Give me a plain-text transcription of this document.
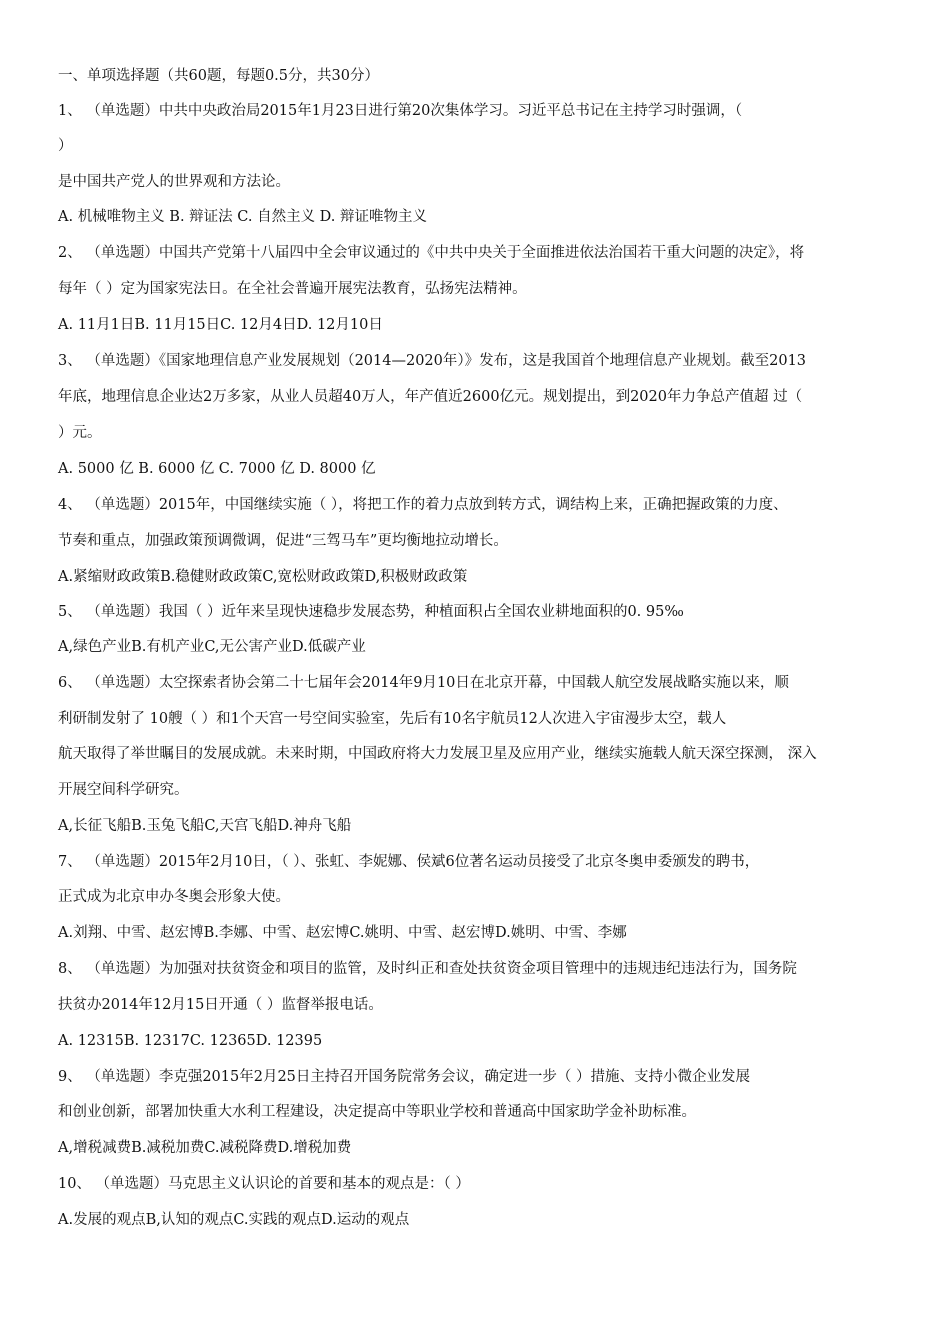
一、单项选择题（共60题，每题0.5分，共30分）
1、 （单选题）中共中央政治局2015年1月23日进行第20次集体学习。习近平总书记在主持学习时强调，（
）
是中国共产党人的世界观和方法论。
A. 机械唯物主义 B. 辩证法 C. 自然主义 D. 辩证唯物主义
2、 （单选题）中国共产党第十八届四中全会审议通过的《中共中央关于全面推进依法治国若干重大问题的决定》，将
每年（ ）定为国家宪法日。在全社会普遍开展宪法教育，弘扬宪法精神。
A. 11月1日B. 11月15日C. 12月4日D. 12月10日
3、 （单选题）《国家地理信息产业发展规划（2014—2020年）》发布，这是我国首个地理信息产业规划。截至2013
年底，地理信息企业达2万多家，从业人员超40万人，年产值近2600亿元。规划提出，到2020年力争总产值超 过（
）元。
A. 5000 亿 B. 6000 亿 C. 7000 亿 D. 8000 亿
4、 （单选题）2015年，中国继续实施（ ），将把工作的着力点放到转方式，调结构上来，正确把握政策的力度、
节奏和重点，加强政策预调微调，促进“三驾马车”更均衡地拉动增长。
A.紧缩财政政策B.稳健财政政策C,宽松财政政策D,积极财政政策
5、 （单选题）我国（ ）近年来呈现快速稳步发展态势，种植面积占全国农业耕地面积的0. 95‰
A,绿色产业B.有机产业C,无公害产业D.低碳产业
6、 （单选题）太空探索者协会第二十七届年会2014年9月10日在北京开幕，中国载人航空发展战略实施以来，顺
利研制发射了 10艘（ ）和1个天宫一号空间实验室，先后有10名宇航员12人次进入宇宙漫步太空，载人
航天取得了举世瞩目的发展成就。未来时期，中国政府将大力发展卫星及应用产业，继续实施载人航天深空探测， 深入
开展空间科学研究。
A,长征飞船B.玉兔飞船C,天宫飞船D.神舟飞船
7、 （单选题）2015年2月10日，（ ）、张虹、李妮娜、侯斌6位著名运动员接受了北京冬奥申委颁发的聘书，
正式成为北京申办冬奥会形象大使。
A.刘翔、中雪、赵宏博B.李娜、中雪、赵宏博C.姚明、中雪、赵宏博D.姚明、中雪、李娜
8、 （单选题）为加强对扶贫资金和项目的监管，及时纠正和查处扶贫资金项目管理中的违规违纪违法行为，国务院
扶贫办2014年12月15日开通（ ）监督举报电话。
A. 12315B. 12317C. 12365D. 12395
9、 （单选题）李克强2015年2月25日主持召开国务院常务会议，确定进一步（ ）措施、支持小微企业发展
和创业创新，部署加快重大水利工程建设，决定提高中等职业学校和普通高中国家助学金补助标准。
A,增税减费B.减税加费C.减税降费D.增税加费
10、 （单选题）马克思主义认识论的首要和基本的观点是：（ ）
A.发展的观点B,认知的观点C.实践的观点D.运动的观点
